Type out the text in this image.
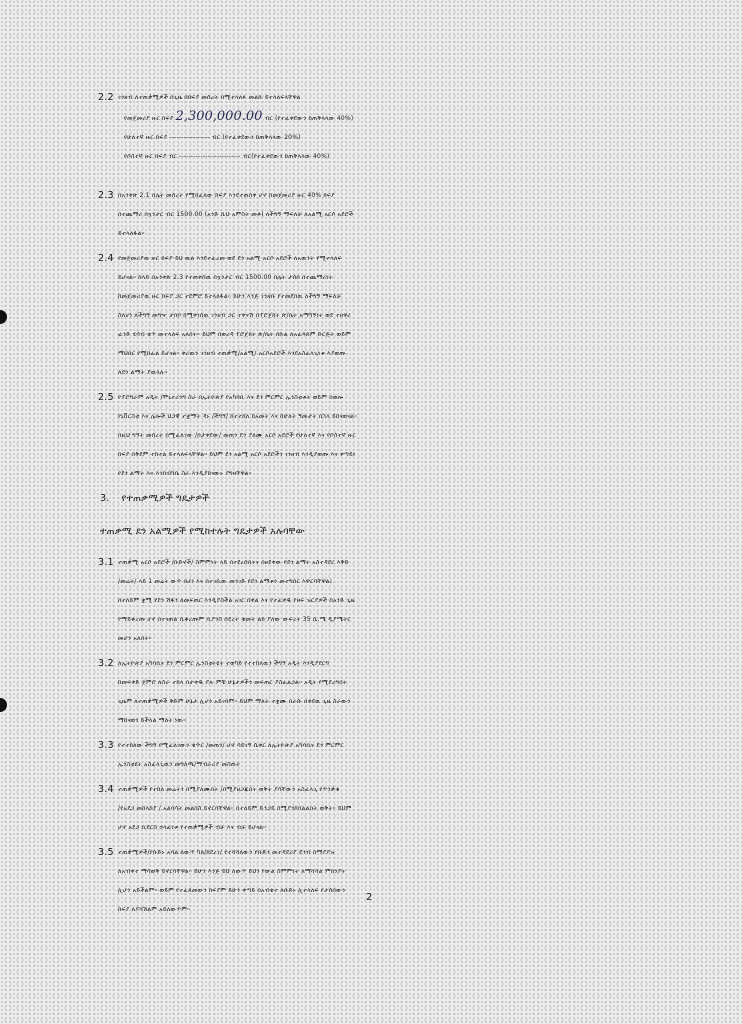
2.2 ገንዘብ ለተጠቃሚዎች በጊዜ በክፍያ መሰረት በሚተላለፉ መልኩ ይተላለፍላቸዋል
የመጀመሪያ ዙር ክፍያ 2,300,000.00 ብር (የተፈቀደውን ከጠቅላላው 40%)
የሁለተኛ ዙር ክፍያ ----------------- ብር (የተፈቀደውን ከጠቅላላው 20%)
የሶስተኛ ዙር ክፍያ ብር -------------------------- ብር(የተፈቀደውን ከጠቅላላው 40%)
2.3 በአንቀጽ 2.1 በሌት መሰረት የሚከፈለው ክፍያ እንደተጠበቀ ሆኖ ከመጀመሪያ ዙር 40% ክፍያ
በተጨማሪ በኳንታር ብር 1500.00 (አንድ ሺህ አምስት መቶ) ለችግኝ ማፍለቻ ለአልሚ አርሶ አደሮች
ይተላለፋል።
2.4 የመጀመሪያዉ ዙር ክፍያ ይህ ዉል እንደተፈረመ ወደ ደን አልሚ አርሶ አደሮች ለአዉንት የሚተላለፍ
ይሆናል። ከላይ በአንቀጽ 2.3 የተጠቀሰዉ በኳንታር ብር 1500.00 በሌት ታሰበ በተጨማሪነት
ከመጀመሪያዉ ዙር ክፍያ ጋር ተደምሮ ይተላለፋል። ይሁን እንጅ ገንዘቡ የተመደበዉ ለችግኝ ማፍለቻ
ስለሆነ ለችግኝ መግዣ ታበቦ ከሚቀነሰዉ ገንዘብ ጋር ተቀናሽ በፕሮጀክት ጽ/ቤት አማካኝነት ወደ ተዘዋሪ
ፈንድ ሂሳብ ቁጥ መተላለፍ አለበት። ይህም በወረዳ ፕሮጀክት ጽ/ቤት በኩል ለአፈጻጸም ድርጅት ወይም
ማህበር የሚከፈል ይሆናል። ቀሪዉን ገንዘብ ተጠቃሚ/አልሚ/ አርሶአደሮች እንደአስፈላጊነቱ እያወጡ
ለደን ልማት ያዉላሉ።
2.5 የፕሮግራም አዲት /ሞኒተሪንግ ስራ በኢትዮጵያ የአካባቢ እና ደን ምርምር ኢንስቲቱት ወይም በወሎ
የኒቨርስቲ እና ሌሎች ህጋዊ ተቋማት ዳኑ /ችግኝ/ ከተተከለ ከአመት እና ከሁለት ዓመታት በኋላ ይከናወናል።
በዚህ ግኝት መሰረት በሚፈለገው /በታቀደው/ መጠን ደን ያለሙ አርሶ አደሮች የሁለተኛ እና የሶስተኛ ዙር
ክፍያ በቅደም ተከተል ይተላለፍላቸዋል። ይህም ደን አልሚ አርሶ አደሮችን ገንዘብ እንዲያወጡ እና ቀጣይነ
የደን ልማት እና እንክብካቤ ስራ እንዲያከናውኑ ያግዛቸዋል።
3. የተጠቃሚዎች ግዴታዎች
ተጠቃሚ ደን አልሚዎች የሚከተሉት ግዴታዎች አሉባቸው
3.1 ተጠቃሚ አርሶ አደሮች /ቡድኖች/ ስምምነት ላይ በተደረሰበትና በፀደቀው የደን ልማት አስተዳደር እቅድ
/መሬት/ ላይ 1 መሬት ውጥ በሆነ እና በተገቢው መንገድ የደን ልማቱን መተግበር እዋርባቸዋል፤
በተለይም ቋሚ የደን ሽፋን ለመፍጠር እንዲያስችል አገር በቀል እና የተፈቀዱ የዛፍ ዝርያዎች በአንድ ጊዜ
የማይቆረጡ ሆኖ በተናጠል ሲቆረጡም ቢያንስ በደረት ቁመት ልክ ያለው ውፍረት 35 ሴ.ሜ ዲያሜትር
መሆን አለበት።
3.2 ለኢትዮጵያ አካባቢና ደን ምርምር ኢንስቲትዩት ተወካይ የተተከለዉን ችግኝ አዲት እንዲያደርግ
ከመፍቀድ ጀምሮ ለስራ ተከላ በታቀዱ ያሉ ምቹ ሁኔታዎችን መፍጠር ያስፈልጋል። አዲት የሚደረግበት
ጊዜም ለተጠቃሚዎች ቅድም ሁኔታ ሊሆን አይገባም። ይህም ማለት ተቋሙ በራሱ በቀደዉ ጊዜ ስራውን
ማከናወን ይችላል ማለት ነው።
3.3 የተተከለው ችግኝ የሚፈለገውን ቁጥር /መጠን/ ሆኖ ሳይገኝ ሲቀር ለኢትዮጵያ አካባቢና ደን ምርምር
ኢንስቲዩት አስፈላጊዉን መግለጫ/ማብራሪያ መስጠት
3.4 ተጠቃሚዎች የተከለ መሬትን በሚያለሙበት /በሚያዘጋጁበት ወቅት ያሳቸውን አስፈላጊ የጥንቃቄ
/የአደጋ መከላከያ / አልባሳት መልበስ ይኖርባቸዋል። በተለይም ድንጋይ በሚያንከባልልበት ወቅት። ይህም
ሆኖ አደጋ ቢደርስ ኃላፊነቱ የተጠቃሚዎች ብቻ እና ብቻ ይሆናል።
3.5 ተጠቃሚዎች/የቡድኑ አባል ለውጥ ካለ/ከደረገ/ የተሻሻለውን የቡድን መተዳደሪያ ደንብ በማያያዝ
ለአብቀተ ማሳወቅ ይኖርባቸዋል። ይሁን እንጅ ይህ ለውጥ ይህን የውል ስምምነት ለማሻሻል ምክንያት
ሊሆን አይችልም። ወይም የተፈጸመውን ክፍያም ይሁን ቀጣይ በአብቁተ ለቡድኑ ሊተላለፍ የታሰበውን
ክፍያ ለያሻሽልም አይለውጥም።
2
